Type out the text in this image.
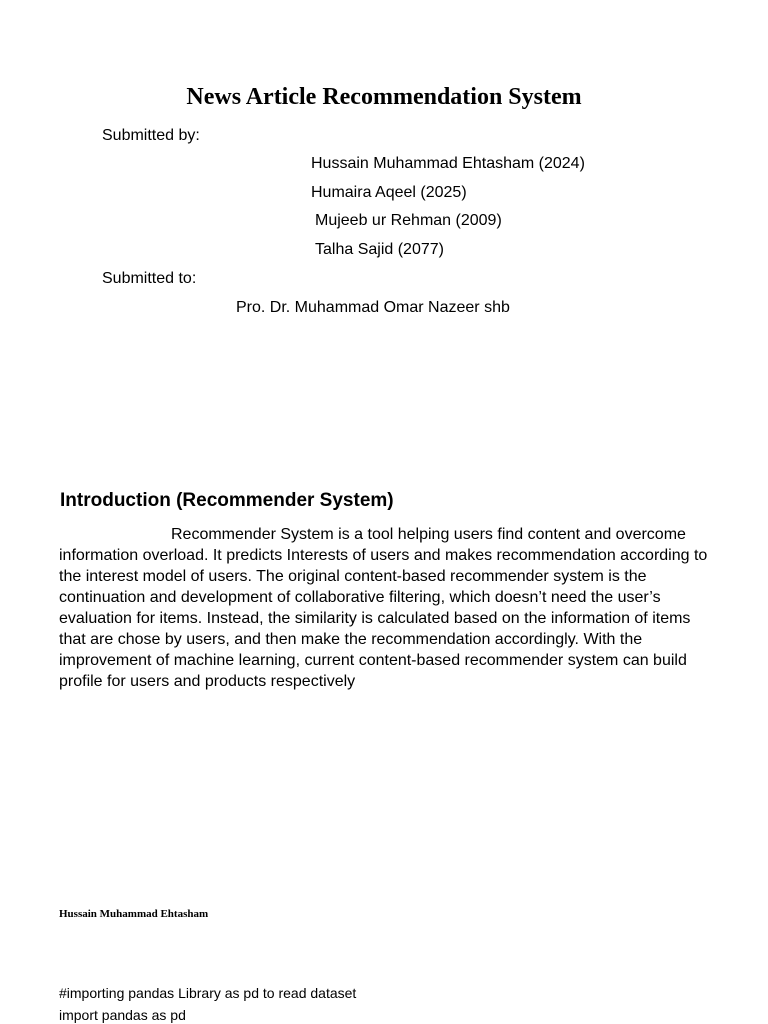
News Article Recommendation System
Submitted by:
Hussain Muhammad Ehtasham (2024)
Humaira Aqeel (2025)
Mujeeb ur Rehman (2009)
Talha Sajid (2077)
Submitted to:
Pro. Dr. Muhammad Omar Nazeer shb
Introduction (Recommender System)
Recommender System is a tool helping users find content and overcome information overload. It predicts Interests of users and makes recommendation according to the interest model of users. The original content-based recommender system is the continuation and development of collaborative filtering, which doesn’t need the user’s evaluation for items. Instead, the similarity is calculated based on the information of items that are chose by users, and then make the recommendation accordingly. With the improvement of machine learning, current content-based recommender system can build profile for users and products respectively
Hussain Muhammad Ehtasham
#importing pandas Library as pd to read dataset
import pandas as pd
